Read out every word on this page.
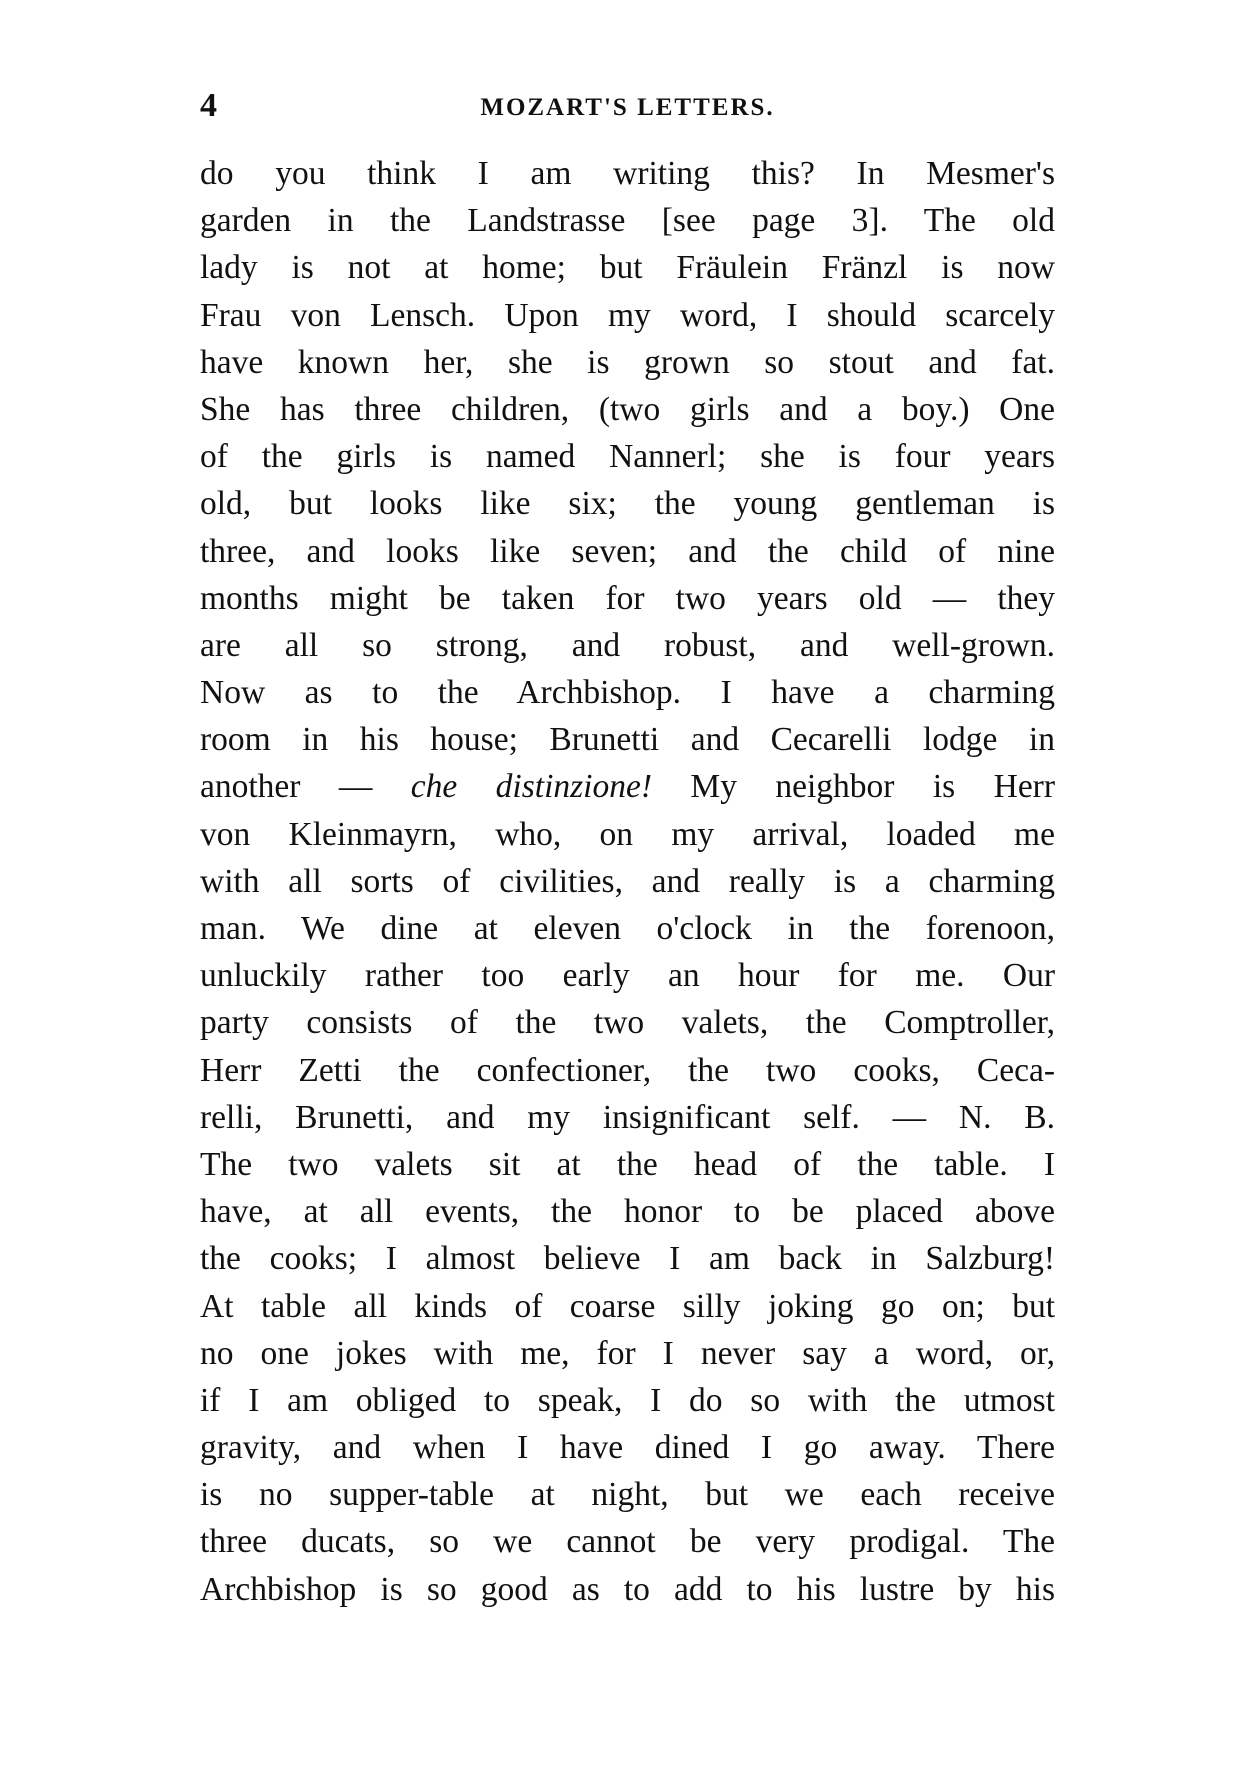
4	MOZART'S LETTERS.
do you think I am writing this? In Mesmer's
garden in the Landstrasse [see page 3]. The old
lady is not at home; but Fräulein Fränzl is now
Frau von Lensch. Upon my word, I should scarcely
have known her, she is grown so stout and fat.
She has three children, (two girls and a boy.) One
of the girls is named Nannerl; she is four years
old, but looks like six; the young gentleman is
three, and looks like seven; and the child of nine
months might be taken for two years old — they
are all so strong, and robust, and well-grown.
Now as to the Archbishop. I have a charming
room in his house; Brunetti and Cecarelli lodge in
another — che distinzione! My neighbor is Herr
von Kleinmayrn, who, on my arrival, loaded me
with all sorts of civilities, and really is a charming
man. We dine at eleven o'clock in the forenoon,
unluckily rather too early an hour for me. Our
party consists of the two valets, the Comptroller,
Herr Zetti the confectioner, the two cooks, Ceca-
relli, Brunetti, and my insignificant self. — N. B.
The two valets sit at the head of the table. I
have, at all events, the honor to be placed above
the cooks; I almost believe I am back in Salzburg!
At table all kinds of coarse silly joking go on; but
no one jokes with me, for I never say a word, or,
if I am obliged to speak, I do so with the utmost
gravity, and when I have dined I go away. There
is no supper-table at night, but we each receive
three ducats, so we cannot be very prodigal. The
Archbishop is so good as to add to his lustre by his
